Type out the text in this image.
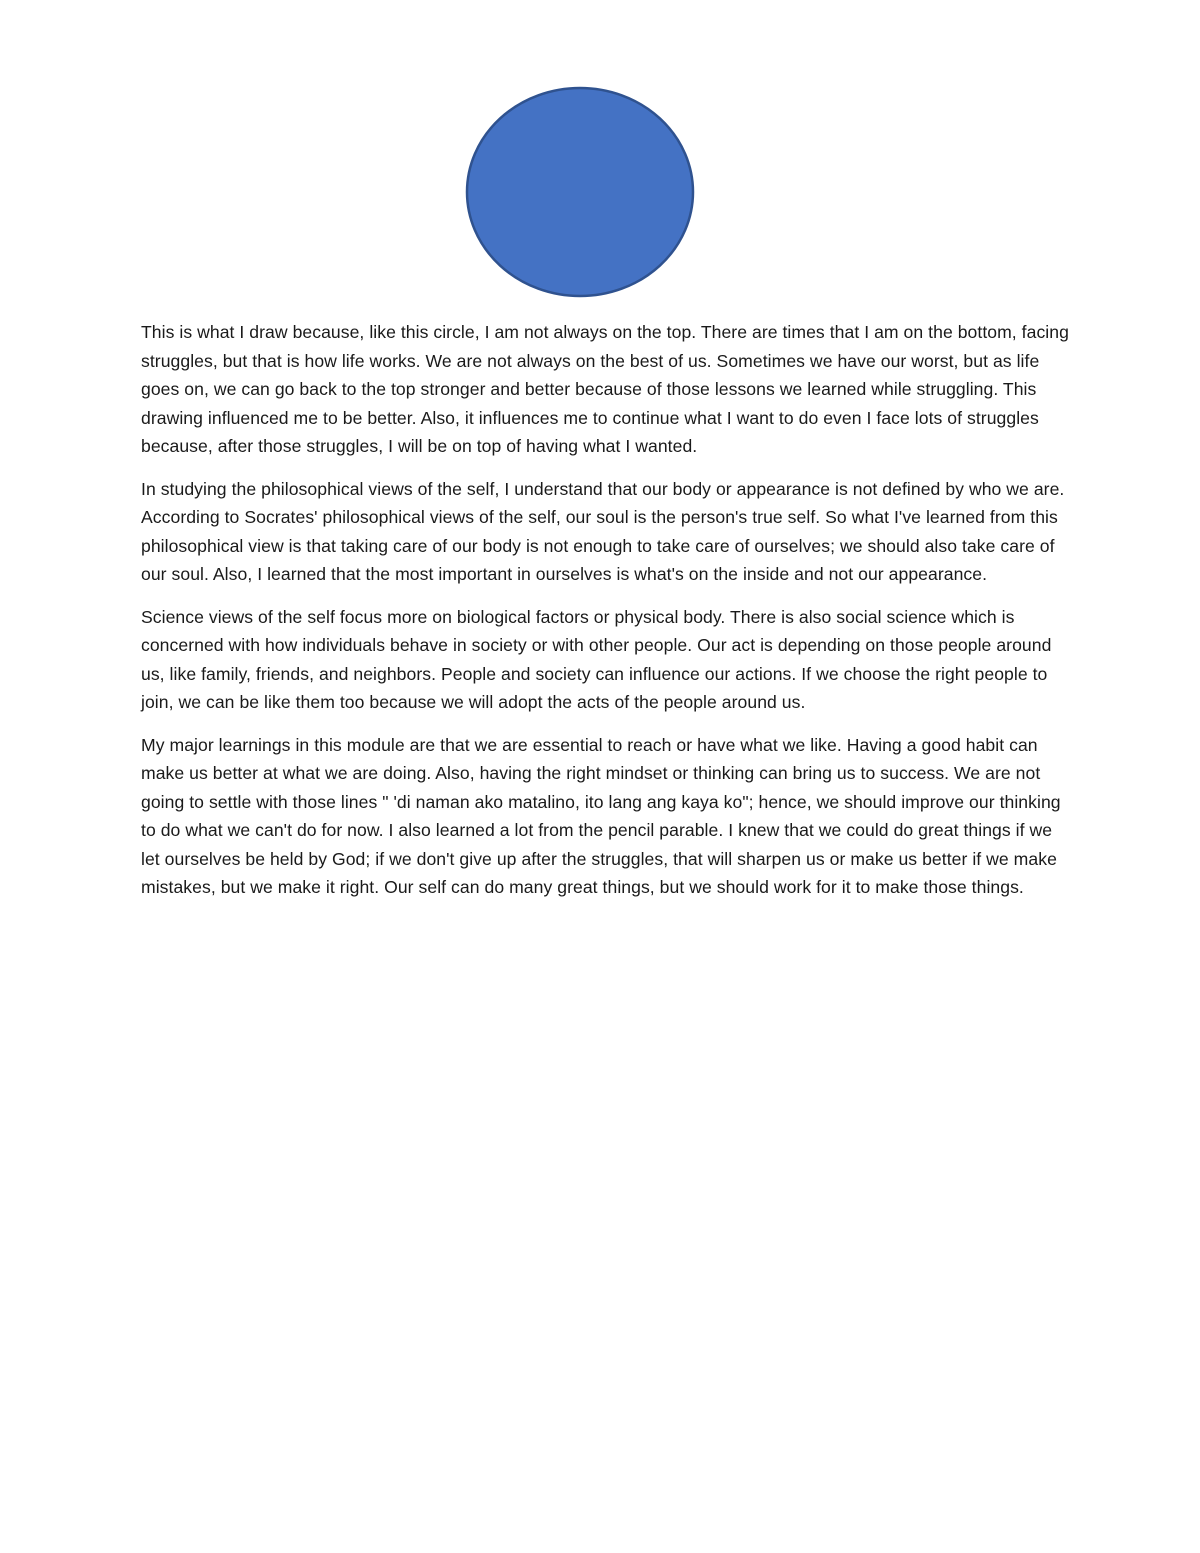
This is what I draw because, like this circle, I am not always on the top. There are times that I am on the bottom, facing struggles, but that is how life works. We are not always on the best of us. Sometimes we have our worst, but as life goes on, we can go back to the top stronger and better because of those lessons we learned while struggling. This drawing influenced me to be better. Also, it influences me to continue what I want to do even I face lots of struggles because, after those struggles, I will be on top of having what I wanted.

In studying the philosophical views of the self, I understand that our body or appearance is not defined by who we are. According to Socrates' philosophical views of the self, our soul is the person's true self. So what I've learned from this philosophical view is that taking care of our body is not enough to take care of ourselves; we should also take care of our soul. Also, I learned that the most important in ourselves is what's on the inside and not our appearance.

Science views of the self focus more on biological factors or physical body. There is also social science which is concerned with how individuals behave in society or with other people. Our act is depending on those people around us, like family, friends, and neighbors. People and society can influence our actions. If we choose the right people to join, we can be like them too because we will adopt the acts of the people around us.

My major learnings in this module are that we are essential to reach or have what we like. Having a good habit can make us better at what we are doing. Also, having the right mindset or thinking can bring us to success. We are not going to settle with those lines " 'di naman ako matalino, ito lang ang kaya ko"; hence, we should improve our thinking to do what we can't do for now. I also learned a lot from the pencil parable. I knew that we could do great things if we let ourselves be held by God; if we don't give up after the struggles, that will sharpen us or make us better if we make mistakes, but we make it right. Our self can do many great things, but we should work for it to make those things.
